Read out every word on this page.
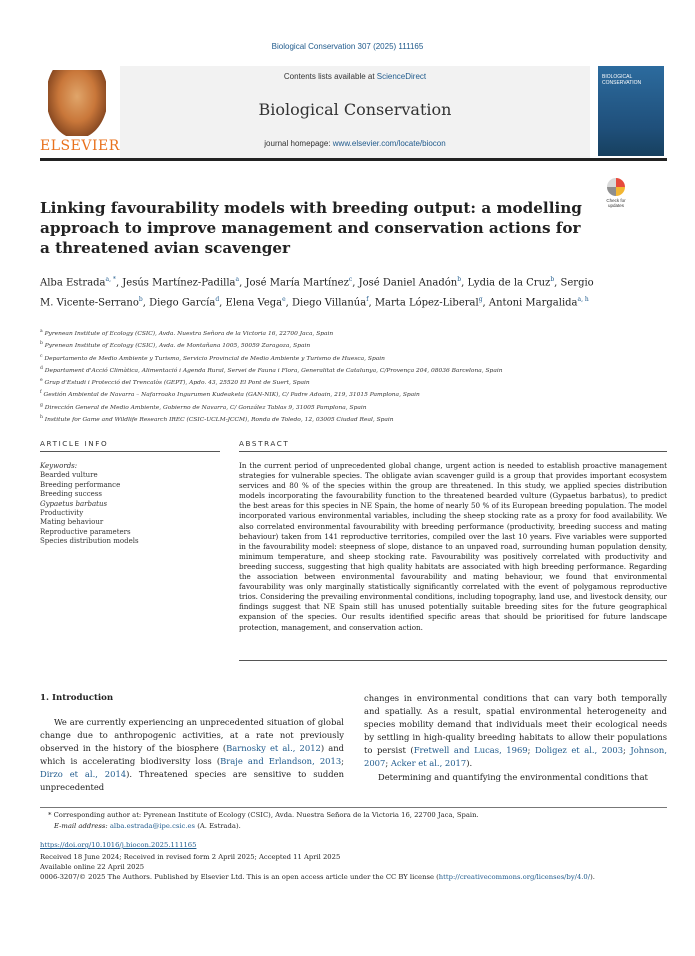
Biological Conservation 307 (2025) 111165
ELSEVIER
Contents lists available at ScienceDirect
Biological Conservation
journal homepage: www.elsevier.com/locate/biocon
BIOLOGICAL CONSERVATION
Check for updates
Linking favourability models with breeding output: a modelling approach to improve management and conservation actions for a threatened avian scavenger
Alba Estrada$^{a, *}$, Jesús Martínez-Padilla$^a$, José María Martínez$^c$, José Daniel Anadón$^b$, Lydia de la Cruz$^b$, Sergio M. Vicente-Serrano$^b$, Diego García$^d$, Elena Vega$^e$, Diego Villanúa$^f$, Marta López-Liberal$^g$, Antoni Margalida$^{a, h}$
$^a$ Pyrenean Institute of Ecology (CSIC), Avda. Nuestra Señora de la Victoria 16, 22700 Jaca, Spain
$^b$ Pyrenean Institute of Ecology (CSIC), Avda. de Montañana 1005, 50059 Zaragoza, Spain
$^c$ Departamento de Medio Ambiente y Turismo, Servicio Provincial de Medio Ambiente y Turismo de Huesca, Spain
$^d$ Departament d'Acció Climàtica, Alimentació i Agenda Rural, Servei de Fauna i Flora, Generalitat de Catalunya, C/Provença 204, 08036 Barcelona, Spain
$^e$ Grup d'Estudi i Protecció del Trencalòs (GEPT), Apdo. 43, 25520 El Pont de Suert, Spain
$^f$ Gestión Ambiental de Navarra – Nafarroako Ingurumen Kudeaketa (GAN-NIK), C/ Padre Adoain, 219, 31015 Pamplona, Spain
$^g$ Dirección General de Medio Ambiente, Gobierno de Navarra, C/ González Tablas 9, 31005 Pamplona, Spain
$^h$ Institute for Game and Wildlife Research IREC (CSIC-UCLM-JCCM), Ronda de Toledo, 12, 03005 Ciudad Real, Spain
ARTICLE INFO	ABSTRACT
Keywords:
Bearded vulture
Breeding performance
Breeding success
Gypaetus barbatus
Productivity
Mating behaviour
Reproductive parameters
Species distribution models
In the current period of unprecedented global change, urgent action is needed to establish proactive management strategies for vulnerable species. The obligate avian scavenger guild is a group that provides important ecosystem services and 80 % of the species within the group are threatened. In this study, we applied species distribution models incorporating the favourability function to the threatened bearded vulture (Gypaetus barbatus), to predict the best areas for this species in NE Spain, the home of nearly 50 % of its European breeding population. The model incorporated various environmental variables, including the sheep stocking rate as a proxy for food availability. We also correlated environmental favourability with breeding performance (productivity, breeding success and mating behaviour) taken from 141 reproductive territories, compiled over the last 10 years. Five variables were supported in the favourability model: steepness of slope, distance to an unpaved road, surrounding human population density, minimum temperature, and sheep stocking rate. Favourability was positively correlated with productivity and breeding success, suggesting that high quality habitats are associated with high breeding performance. Regarding the association between environmental favourability and mating behaviour, we found that environmental favourability was only marginally statistically significantly correlated with the event of polygamous reproductive trios. Considering the prevailing environmental conditions, including topography, land use, and livestock density, our findings suggest that NE Spain still has unused potentially suitable breeding sites for the future geographical expansion of the species. Our results identified specific areas that should be prioritised for future landscape protection, management, and conservation action.
1. Introduction
We are currently experiencing an unprecedented situation of global change due to anthropogenic activities, at a rate not previously observed in the history of the biosphere (Barnosky et al., 2012) and which is accelerating biodiversity loss (Braje and Erlandson, 2013; Dirzo et al., 2014). Threatened species are sensitive to sudden unprecedented
changes in environmental conditions that can vary both temporally and spatially. As a result, spatial environmental heterogeneity and species mobility demand that individuals meet their ecological needs by settling in high-quality breeding habitats to allow their populations to persist (Fretwell and Lucas, 1969; Doligez et al., 2003; Johnson, 2007; Acker et al., 2017).
Determining and quantifying the environmental conditions that
* Corresponding author at: Pyrenean Institute of Ecology (CSIC), Avda. Nuestra Señora de la Victoria 16, 22700 Jaca, Spain.
E-mail address: alba.estrada@ipe.csic.es (A. Estrada).
https://doi.org/10.1016/j.biocon.2025.111165
Received 18 June 2024; Received in revised form 2 April 2025; Accepted 11 April 2025
Available online 22 April 2025
0006-3207/© 2025 The Authors. Published by Elsevier Ltd. This is an open access article under the CC BY license (http://creativecommons.org/licenses/by/4.0/).
